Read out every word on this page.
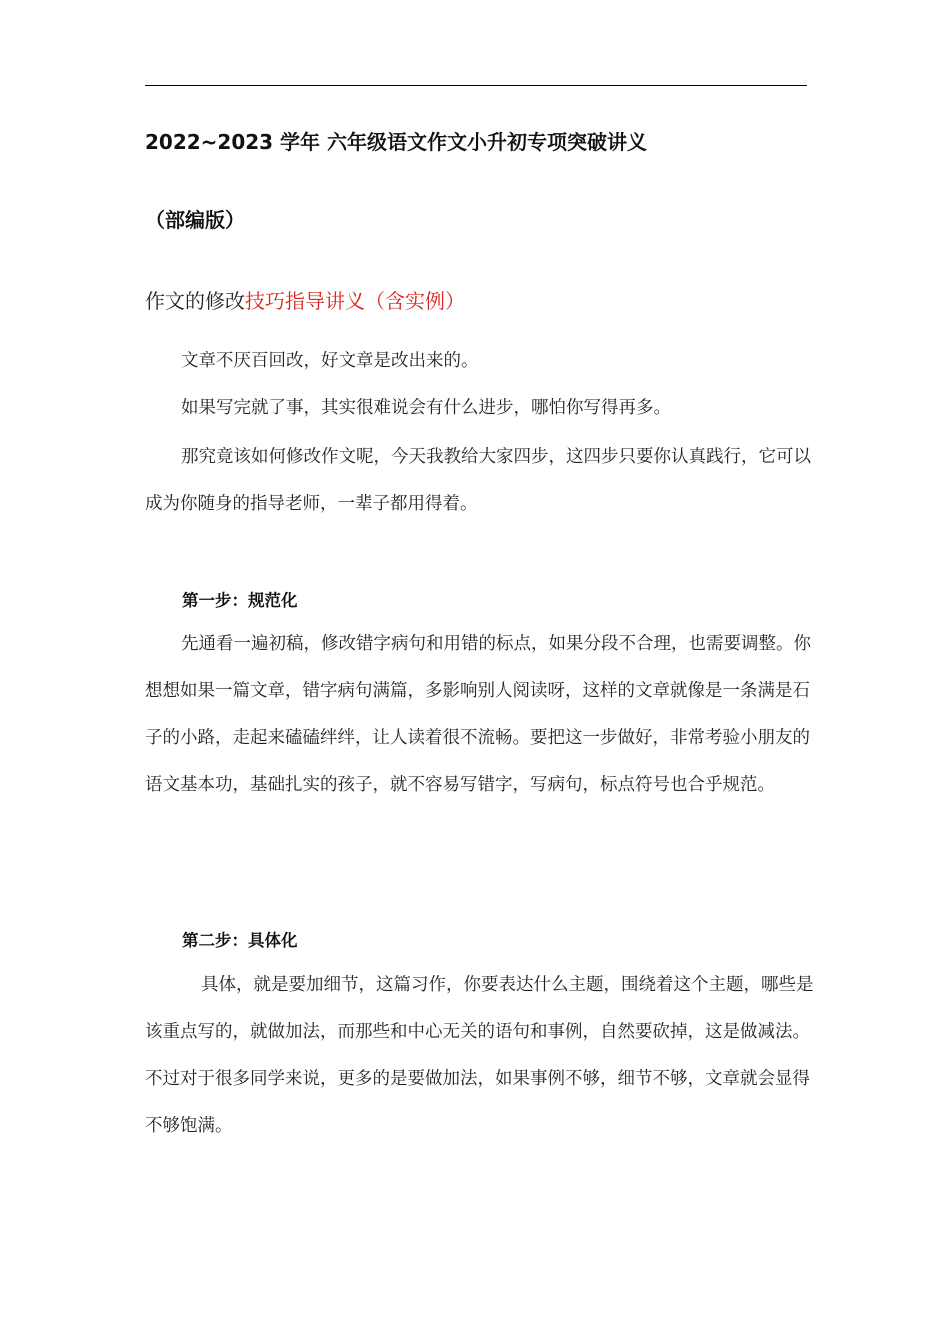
2022~2023 学年 六年级语文作文小升初专项突破讲义
（部编版）
作文的修改技巧指导讲义（含实例）

文章不厌百回改，好文章是改出来的。

如果写完就了事，其实很难说会有什么进步，哪怕你写得再多。

那究竟该如何修改作文呢，今天我教给大家四步，这四步只要你认真践行，它可以成为你随身的指导老师，一辈子都用得着。

第一步：规范化

先通看一遍初稿，修改错字病句和用错的标点，如果分段不合理，也需要调整。你想想如果一篇文章，错字病句满篇，多影响别人阅读呀，这样的文章就像是一条满是石子的小路，走起来磕磕绊绊，让人读着很不流畅。要把这一步做好，非常考验小朋友的语文基本功，基础扎实的孩子，就不容易写错字，写病句，标点符号也合乎规范。

第二步：具体化

具体，就是要加细节，这篇习作，你要表达什么主题，围绕着这个主题，哪些是该重点写的，就做加法，而那些和中心无关的语句和事例，自然要砍掉，这是做减法。不过对于很多同学来说，更多的是要做加法，如果事例不够，细节不够，文章就会显得不够饱满。
